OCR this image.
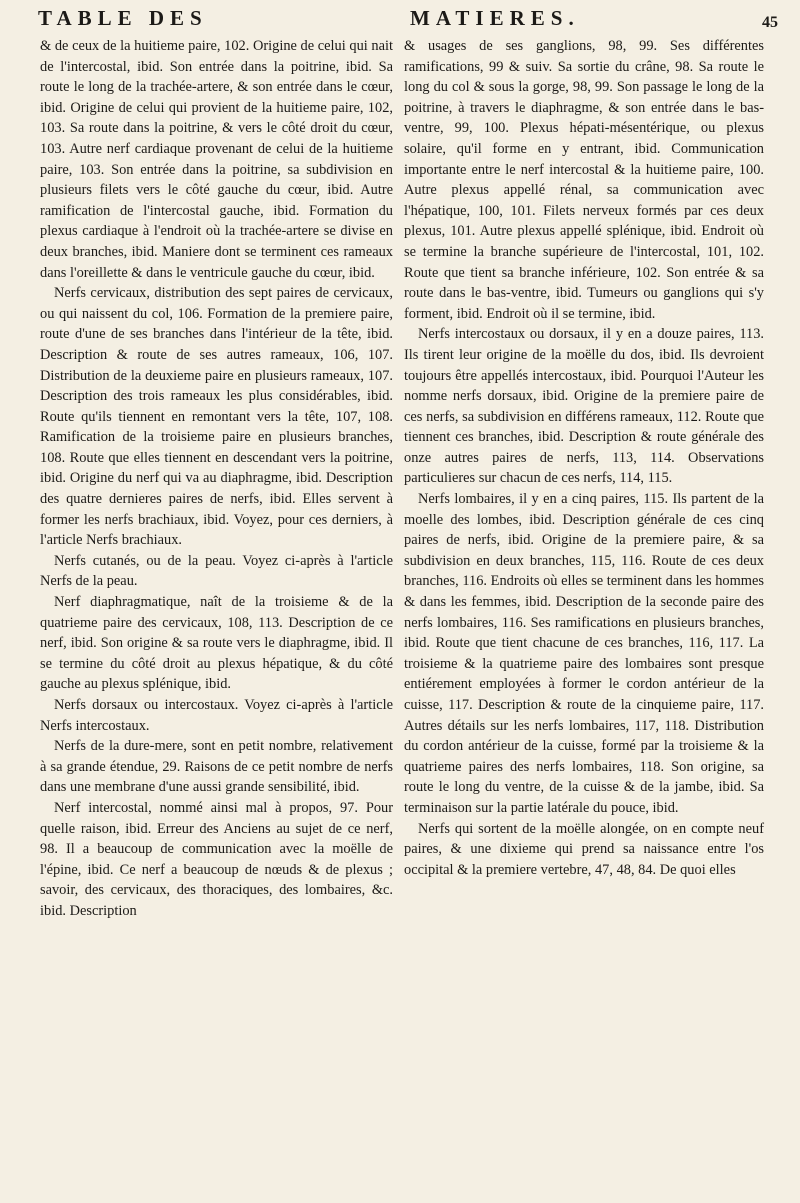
TABLE DES	MATIERES.	45

& de ceux de la huitieme paire, 102. Origine de celui qui nait de l'intercostal, ibid. Son entrée dans la poitrine, ibid. Sa route le long de la trachée-artere, & son entrée dans le cœur, ibid. Origine de celui qui provient de la huitieme paire, 102, 103. Sa route dans la poitrine, & vers le côté droit du cœur, 103. Autre nerf cardiaque provenant de celui de la huitieme paire, 103. Son entrée dans la poitrine, sa subdivision en plusieurs filets vers le côté gauche du cœur, ibid. Autre ramification de l'intercostal gauche, ibid. Formation du plexus cardiaque à l'endroit où la trachée-artere se divise en deux branches, ibid. Maniere dont se terminent ces rameaux dans l'oreillette & dans le ventricule gauche du cœur, ibid.

Nerfs cervicaux, distribution des sept paires de cervicaux, ou qui naissent du col, 106. Formation de la premiere paire, route d'une de ses branches dans l'intérieur de la tête, ibid. Description & route de ses autres rameaux, 106, 107. Distribution de la deuxieme paire en plusieurs rameaux, 107. Description des trois rameaux les plus considérables, ibid. Route qu'ils tiennent en remontant vers la tête, 107, 108. Ramification de la troisieme paire en plusieurs branches, 108. Route que elles tiennent en descendant vers la poitrine, ibid. Origine du nerf qui va au diaphragme, ibid. Description des quatre dernieres paires de nerfs, ibid. Elles servent à former les nerfs brachiaux, ibid. Voyez, pour ces derniers, à l'article Nerfs brachiaux.

Nerfs cutanés, ou de la peau. Voyez ci-après à l'article Nerfs de la peau.

Nerf diaphragmatique, naît de la troisieme & de la quatrieme paire des cervicaux, 108, 113. Description de ce nerf, ibid. Son origine & sa route vers le diaphragme, ibid. Il se termine du côté droit au plexus hépatique, & du côté gauche au plexus splénique, ibid.

Nerfs dorsaux ou intercostaux. Voyez ci-après à l'article Nerfs intercostaux.

Nerfs de la dure-mere, sont en petit nombre, relativement à sa grande étendue, 29. Raisons de ce petit nombre de nerfs dans une membrane d'une aussi grande sensibilité, ibid.

Nerf intercostal, nommé ainsi mal à propos, 97. Pour quelle raison, ibid. Erreur des Anciens au sujet de ce nerf, 98. Il a beaucoup de communication avec la moëlle de l'épine, ibid. Ce nerf a beaucoup de nœuds & de plexus ; savoir, des cervicaux, des thoraciques, des lombaires, &c. ibid. Description

& usages de ses ganglions, 98, 99. Ses différentes ramifications, 99 & suiv. Sa sortie du crâne, 98. Sa route le long du col & sous la gorge, 98, 99. Son passage le long de la poitrine, à travers le diaphragme, & son entrée dans le bas-ventre, 99, 100. Plexus hépati-mésentérique, ou plexus solaire, qu'il forme en y entrant, ibid. Communication importante entre le nerf intercostal & la huitieme paire, 100. Autre plexus appellé rénal, sa communication avec l'hépatique, 100, 101. Filets nerveux formés par ces deux plexus, 101. Autre plexus appellé splénique, ibid. Endroit où se termine la branche supérieure de l'intercostal, 101, 102. Route que tient sa branche inférieure, 102. Son entrée & sa route dans le bas-ventre, ibid. Tumeurs ou ganglions qui s'y forment, ibid. Endroit où il se termine, ibid.

Nerfs intercostaux ou dorsaux, il y en a douze paires, 113. Ils tirent leur origine de la moëlle du dos, ibid. Ils devroient toujours être appellés intercostaux, ibid. Pourquoi l'Auteur les nomme nerfs dorsaux, ibid. Origine de la premiere paire de ces nerfs, sa subdivision en différens rameaux, 112. Route que tiennent ces branches, ibid. Description & route générale des onze autres paires de nerfs, 113, 114. Observations particulieres sur chacun de ces nerfs, 114, 115.

Nerfs lombaires, il y en a cinq paires, 115. Ils partent de la moelle des lombes, ibid. Description générale de ces cinq paires de nerfs, ibid. Origine de la premiere paire, & sa subdivision en deux branches, 115, 116. Route de ces deux branches, 116. Endroits où elles se terminent dans les hommes & dans les femmes, ibid. Description de la seconde paire des nerfs lombaires, 116. Ses ramifications en plusieurs branches, ibid. Route que tient chacune de ces branches, 116, 117. La troisieme & la quatrieme paire des lombaires sont presque entiérement employées à former le cordon antérieur de la cuisse, 117. Description & route de la cinquieme paire, 117. Autres détails sur les nerfs lombaires, 117, 118. Distribution du cordon antérieur de la cuisse, formé par la troisieme & la quatrieme paires des nerfs lombaires, 118. Son origine, sa route le long du ventre, de la cuisse & de la jambe, ibid. Sa terminaison sur la partie latérale du pouce, ibid.

Nerfs qui sortent de la moëlle alongée, on en compte neuf paires, & une dixieme qui prend sa naissance entre l'os occipital & la premiere vertebre, 47, 48, 84. De quoi elles
